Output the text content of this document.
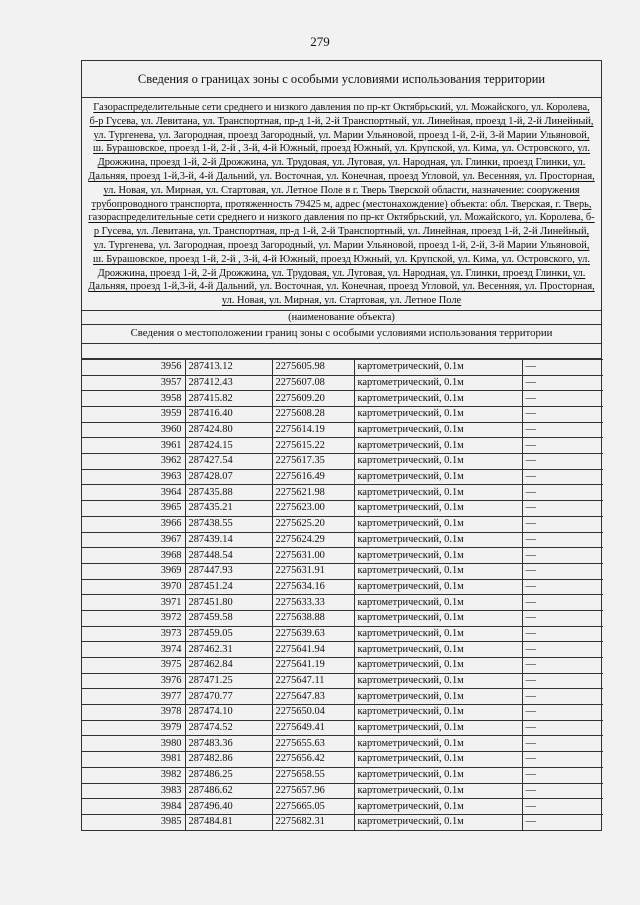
279
Сведения о границах зоны с особыми условиями использования территории
Газораспределительные сети среднего и низкого давления по пр-кт Октябрьский, ул. Можайского, ул. Королева, б-р Гусева, ул. Левитана, ул. Транспортная, пр-д 1-й, 2-й Транспортный, ул. Линейная, проезд 1-й, 2-й Линейный, ул. Тургенева, ул. Загородная, проезд Загородный, ул. Марии Ульяновой, проезд 1-й, 2-й, 3-й Марии Ульяновой, ш. Бурашовское, проезд 1-й, 2-й , 3-й, 4-й Южный, проезд Южный, ул. Крупской, ул. Кима, ул. Островского, ул. Дрожжина, проезд 1-й, 2-й Дрожжина, ул. Трудовая, ул. Луговая, ул. Народная, ул. Глинки, проезд Глинки, ул. Дальняя, проезд 1-й,3-й, 4-й Дальний, ул. Восточная, ул. Конечная, проезд Угловой, ул. Весенняя, ул. Просторная, ул. Новая, ул. Мирная, ул. Стартовая, ул. Летное Поле в г. Тверь Тверской области, назначение: сооружения трубопроводного транспорта, протяженность 79425 м, адрес (местонахождение) объекта: обл. Тверская, г. Тверь, газораспределительные сети среднего и низкого давления по пр-кт Октябрьский, ул. Можайского, ул. Королева, б-р Гусева, ул. Левитана, ул. Транспортная, пр-д 1-й, 2-й Транспортный, ул. Линейная, проезд 1-й, 2-й Линейный, ул. Тургенева, ул. Загородная, проезд Загородный, ул. Марии Ульяновой, проезд 1-й, 2-й, 3-й Марии Ульяновой, ш. Бурашовское, проезд 1-й, 2-й , 3-й, 4-й Южный, проезд Южный, ул. Крупской, ул. Кима, ул. Островского, ул. Дрожжина, проезд 1-й, 2-й Дрожжина, ул. Трудовая, ул. Луговая, ул. Народная, ул. Глинки, проезд Глинки, ул. Дальняя, проезд 1-й,3-й, 4-й Дальний, ул. Восточная, ул. Конечная, проезд Угловой, ул. Весенняя, ул. Просторная, ул. Новая, ул. Мирная, ул. Стартовая, ул. Летное Поле
(наименование объекта)
Сведения о местоположении границ зоны с особыми условиями использования территории
3956	287413.12	2275605.98	картометрический, 0.1м	—
3957	287412.43	2275607.08	картометрический, 0.1м	—
3958	287415.82	2275609.20	картометрический, 0.1м	—
3959	287416.40	2275608.28	картометрический, 0.1м	—
3960	287424.80	2275614.19	картометрический, 0.1м	—
3961	287424.15	2275615.22	картометрический, 0.1м	—
3962	287427.54	2275617.35	картометрический, 0.1м	—
3963	287428.07	2275616.49	картометрический, 0.1м	—
3964	287435.88	2275621.98	картометрический, 0.1м	—
3965	287435.21	2275623.00	картометрический, 0.1м	—
3966	287438.55	2275625.20	картометрический, 0.1м	—
3967	287439.14	2275624.29	картометрический, 0.1м	—
3968	287448.54	2275631.00	картометрический, 0.1м	—
3969	287447.93	2275631.91	картометрический, 0.1м	—
3970	287451.24	2275634.16	картометрический, 0.1м	—
3971	287451.80	2275633.33	картометрический, 0.1м	—
3972	287459.58	2275638.88	картометрический, 0.1м	—
3973	287459.05	2275639.63	картометрический, 0.1м	—
3974	287462.31	2275641.94	картометрический, 0.1м	—
3975	287462.84	2275641.19	картометрический, 0.1м	—
3976	287471.25	2275647.11	картометрический, 0.1м	—
3977	287470.77	2275647.83	картометрический, 0.1м	—
3978	287474.10	2275650.04	картометрический, 0.1м	—
3979	287474.52	2275649.41	картометрический, 0.1м	—
3980	287483.36	2275655.63	картометрический, 0.1м	—
3981	287482.86	2275656.42	картометрический, 0.1м	—
3982	287486.25	2275658.55	картометрический, 0.1м	—
3983	287486.62	2275657.96	картометрический, 0.1м	—
3984	287496.40	2275665.05	картометрический, 0.1м	—
3985	287484.81	2275682.31	картометрический, 0.1м	—
